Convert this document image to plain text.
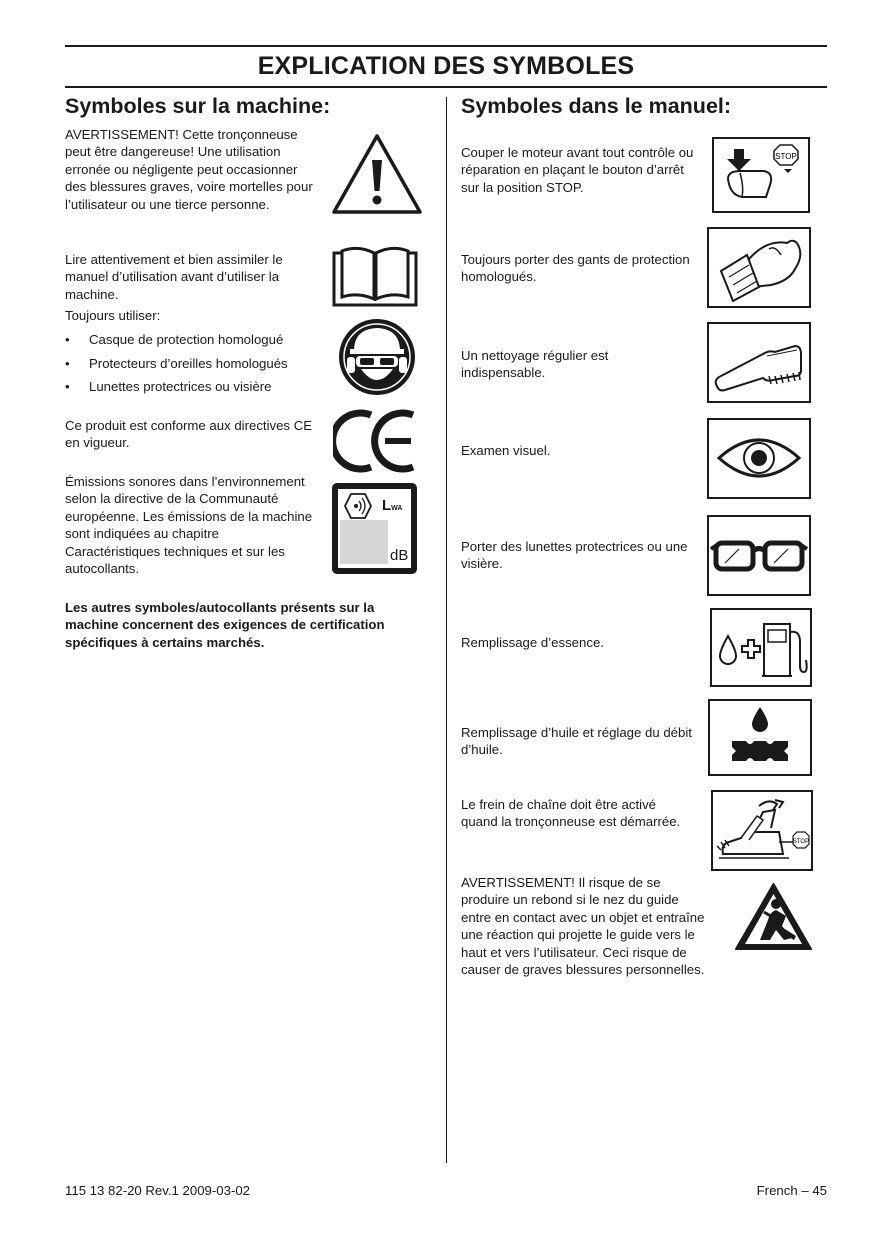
EXPLICATION DES SYMBOLES
Symboles sur la machine:

AVERTISSEMENT! Cette tronçonneuse peut être dangereuse! Une utilisation erronée ou négligente peut occasionner des blessures graves, voire mortelles pour l’utilisateur ou une tierce personne.

Lire attentivement et bien assimiler le manuel d’utilisation avant d’utiliser la machine.

Toujours utiliser:

• Casque de protection homologué
• Protecteurs d’oreilles homologués
• Lunettes protectrices ou visière

Ce produit est conforme aux directives CE en vigueur.

Émissions sonores dans l’environnement selon la directive de la Communauté européenne. Les émissions de la machine sont indiquées au chapitre Caractéristiques techniques et sur les autocollants.

LWA
dB

Les autres symboles/autocollants présents sur la machine concernent des exigences de certification spécifiques à certains marchés.

Symboles dans le manuel:

Couper le moteur avant tout contrôle ou réparation en plaçant le bouton d’arrêt sur la position STOP.

STOP

Toujours porter des gants de protection homologués.

Un nettoyage régulier est indispensable.

Examen visuel.

Porter des lunettes protectrices ou une visière.

Remplissage d’essence.

Remplissage d’huile et réglage du débit d’huile.

Le frein de chaîne doit être activé quand la tronçonneuse est démarrée.

STOP

AVERTISSEMENT! Il risque de se produire un rebond si le nez du guide entre en contact avec un objet et entraîne une réaction qui projette le guide vers le haut et vers l’utilisateur. Ceci risque de causer de graves blessures personnelles.

115 13 82-20 Rev.1 2009-03-02	French – 45
